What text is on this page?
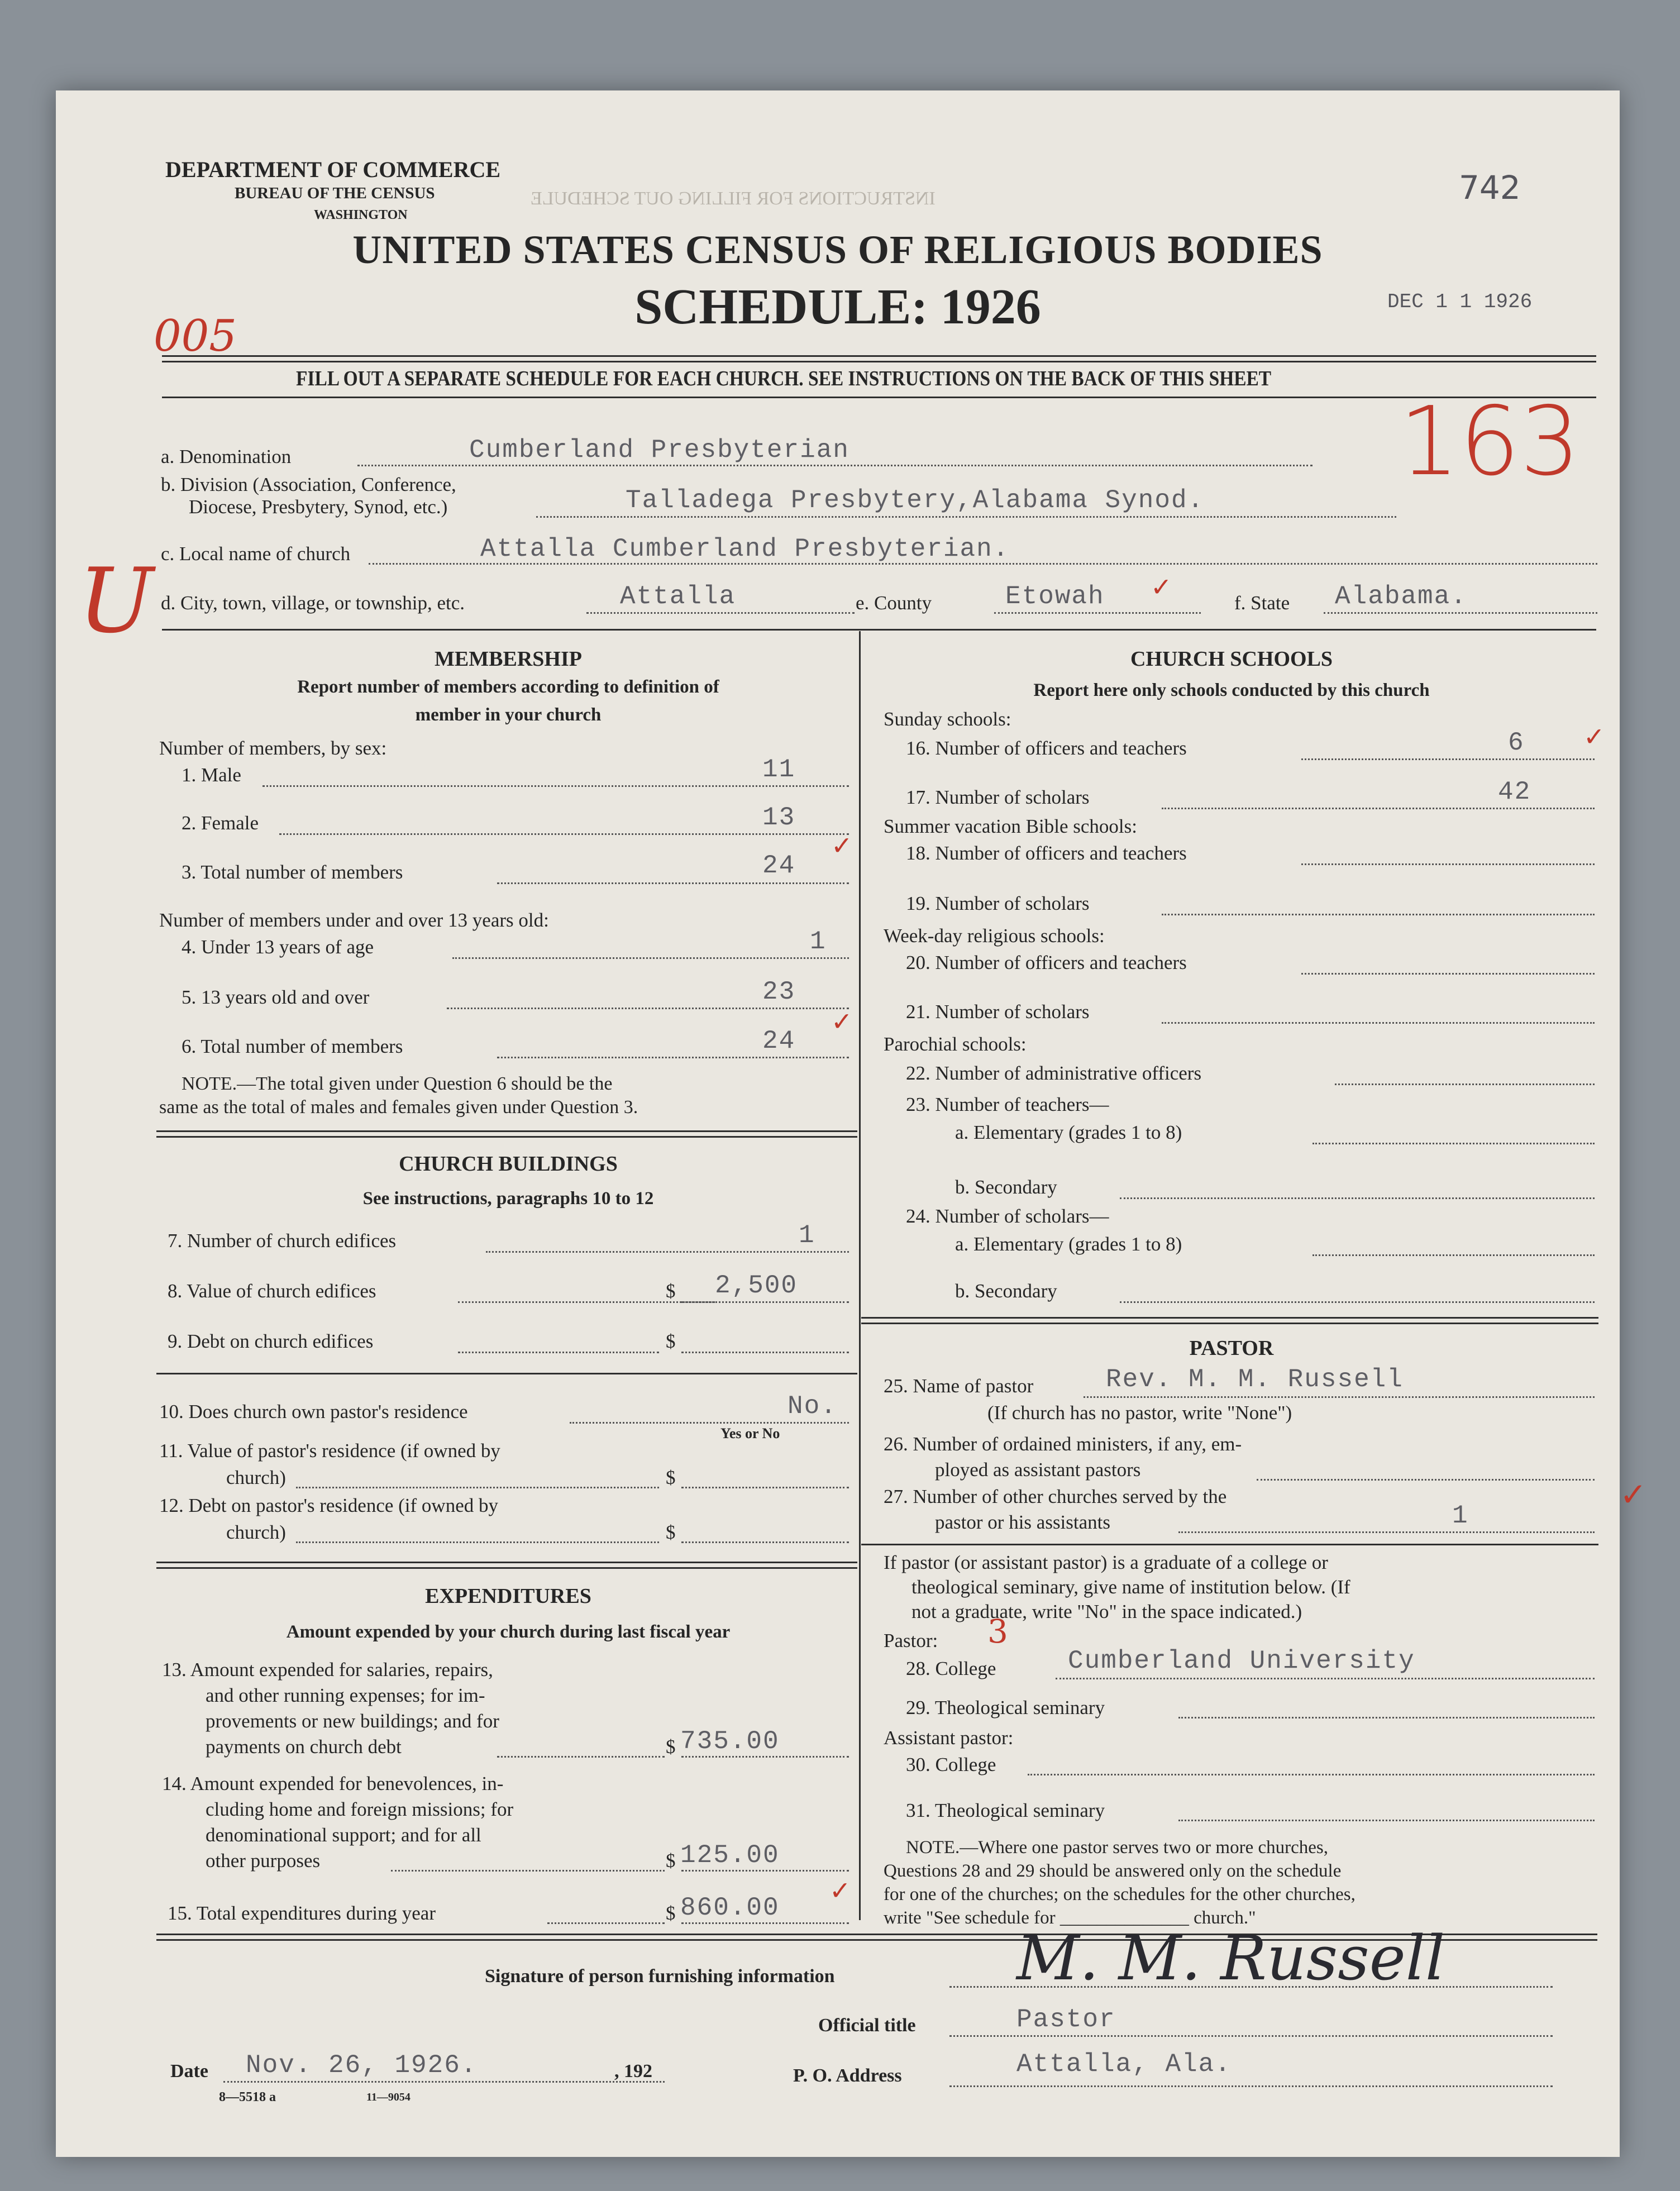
INSTRUCTIONS FOR FILLING OUT SCHEDULE
DEPARTMENT OF COMMERCE
BUREAU OF THE CENSUS
WASHINGTON
UNITED STATES CENSUS OF RELIGIOUS BODIES
SCHEDULE: 1926
742
DEC 1 1 1926
005
163
U
FILL OUT A SEPARATE SCHEDULE FOR EACH CHURCH. SEE INSTRUCTIONS ON THE BACK OF THIS SHEET
a. Denomination	Cumberland Presbyterian
b. Division (Association, Conference,
Diocese, Presbytery, Synod, etc.)	Talladega Presbytery,Alabama Synod.
c. Local name of church	Attalla Cumberland Presbyterian.
d. City, town, village, or township, etc.	Attalla	e. County	Etowah ✓
f. State Alabama.
MEMBERSHIP
Report number of members according to definition of
member in your church
Number of members, by sex:
1. Male	11
2. Female	13
3. Total number of members	24
✓
Number of members under and over 13 years old:
4. Under 13 years of age	1
5. 13 years old and over	23
6. Total number of members	24
✓
NOTE.—The total given under Question 6 should be the
same as the total of males and females given under Question 3.
CHURCH BUILDINGS
See instructions, paragraphs 10 to 12
7. Number of church edifices	1
8. Value of church edifices	$ 2,500
9. Debt on church edifices	$
10. Does church own pastor's residence	No.
Yes or No
11. Value of pastor's residence (if owned by
church)	$
12. Debt on pastor's residence (if owned by
church)	$
EXPENDITURES
Amount expended by your church during last fiscal year
13. Amount expended for salaries, repairs,
and other running expenses; for im-
provements or new buildings; and for
payments on church debt	$ 735.00
14. Amount expended for benevolences, in-
cluding home and foreign missions; for
denominational support; and for all
other purposes	$ 125.00
15. Total expenditures during year	$ 860.00
✓
CHURCH SCHOOLS
Report here only schools conducted by this church
Sunday schools:
16. Number of officers and teachers	6 ✓
17. Number of scholars	42
Summer vacation Bible schools:
18. Number of officers and teachers
19. Number of scholars
Week-day religious schools:
20. Number of officers and teachers
21. Number of scholars
Parochial schools:
22. Number of administrative officers
23. Number of teachers—
a. Elementary (grades 1 to 8)
b. Secondary
24. Number of scholars—
a. Elementary (grades 1 to 8)
b. Secondary
PASTOR
25. Name of pastor	Rev. M. M. Russell
(If church has no pastor, write "None")
26. Number of ordained ministers, if any, em-
ployed as assistant pastors
27. Number of other churches served by the
pastor or his assistants	1
✓
If pastor (or assistant pastor) is a graduate of a college or
theological seminary, give name of institution below. (If
not a graduate, write "No" in the space indicated.)
Pastor: 3
28. College	Cumberland University
29. Theological seminary
Assistant pastor:
30. College
31. Theological seminary
NOTE.—Where one pastor serves two or more churches,
Questions 28 and 29 should be answered only on the schedule
for one of the churches; on the schedules for the other churches,
write "See schedule for ______________ church."
Signature of person furnishing information	M. M. Russell
Official title	Pastor
Date Nov. 26, 1926.	, 192	P. O. Address	Attalla, Ala.
8—5518 a	11—9054
